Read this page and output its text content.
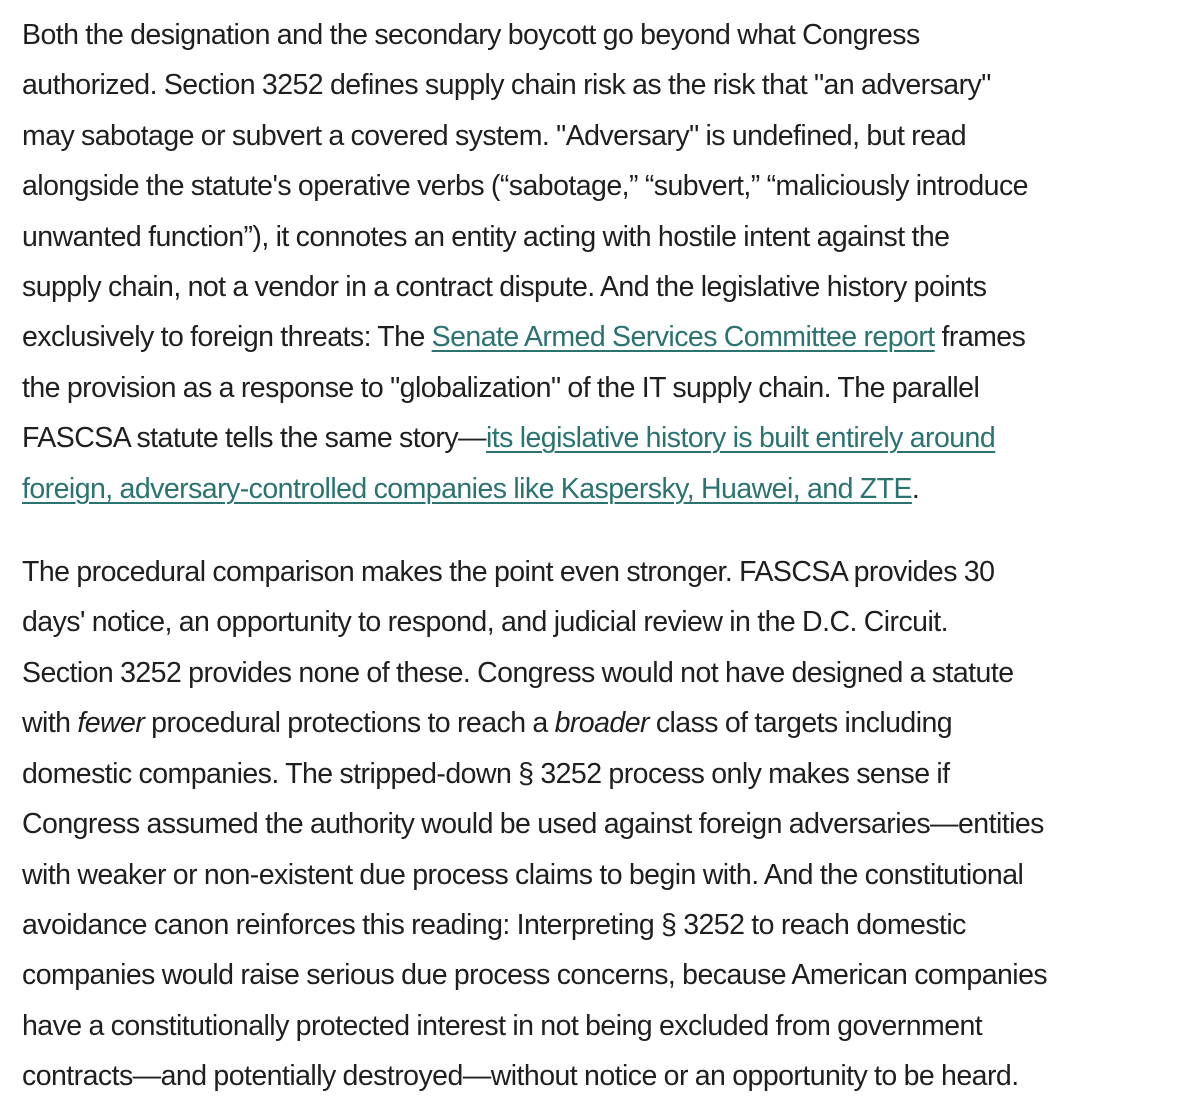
Both the designation and the secondary boycott go beyond what Congress
authorized. Section 3252 defines supply chain risk as the risk that "an adversary"
may sabotage or subvert a covered system. "Adversary" is undefined, but read
alongside the statute's operative verbs (“sabotage,” “subvert,” “maliciously introduce
unwanted function”), it connotes an entity acting with hostile intent against the
supply chain, not a vendor in a contract dispute. And the legislative history points
exclusively to foreign threats: The Senate Armed Services Committee report frames
the provision as a response to "globalization" of the IT supply chain. The parallel
FASCSA statute tells the same story—its legislative history is built entirely around
foreign, adversary-controlled companies like Kaspersky, Huawei, and ZTE.

The procedural comparison makes the point even stronger. FASCSA provides 30
days' notice, an opportunity to respond, and judicial review in the D.C. Circuit.
Section 3252 provides none of these. Congress would not have designed a statute
with fewer procedural protections to reach a broader class of targets including
domestic companies. The stripped-down § 3252 process only makes sense if
Congress assumed the authority would be used against foreign adversaries—entities
with weaker or non-existent due process claims to begin with. And the constitutional
avoidance canon reinforces this reading: Interpreting § 3252 to reach domestic
companies would raise serious due process concerns, because American companies
have a constitutionally protected interest in not being excluded from government
contracts—and potentially destroyed—without notice or an opportunity to be heard.
